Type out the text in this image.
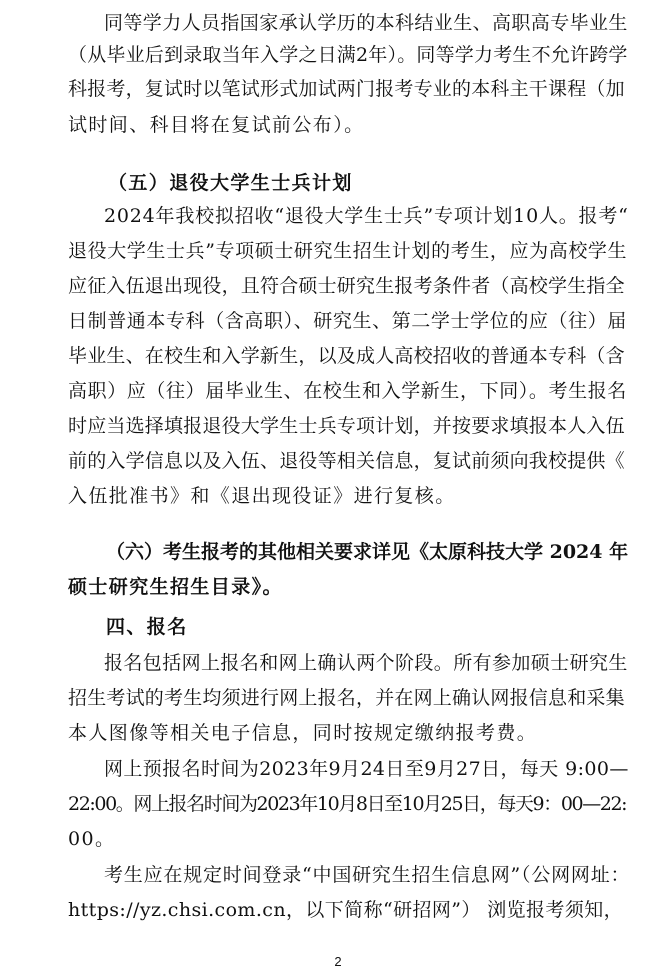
同等学力人员指国家承认学历的本科结业生、高职高专毕业生
（从毕业后到录取当年入学之日满2年）。同等学力考生不允许跨学
科报考，复试时以笔试形式加试两门报考专业的本科主干课程（加
试时间、科目将在复试前公布）。
（五）退役大学生士兵计划
2024年我校拟招收“退役大学生士兵”专项计划10人。报考“
退役大学生士兵”专项硕士研究生招生计划的考生，应为高校学生
应征入伍退出现役，且符合硕士研究生报考条件者（高校学生指全
日制普通本专科（含高职）、研究生、第二学士学位的应（往）届
毕业生、在校生和入学新生，以及成人高校招收的普通本专科（含
高职）应（往）届毕业生、在校生和入学新生，下同）。考生报名
时应当选择填报退役大学生士兵专项计划，并按要求填报本人入伍
前的入学信息以及入伍、退役等相关信息，复试前须向我校提供《
入伍批准书》和《退出现役证》进行复核。
（六）考生报考的其他相关要求详见《太原科技大学 2024 年
硕士研究生招生目录》。
四、报名
报名包括网上报名和网上确认两个阶段。所有参加硕士研究生
招生考试的考生均须进行网上报名，并在网上确认网报信息和采集
本人图像等相关电子信息，同时按规定缴纳报考费。
网上预报名时间为2023年9月24日至9月27日，每天 9:00—
22:00。网上报名时间为2023年10月8日至10月25日，每天9：00—22:
00。
考生应在规定时间登录“中国研究生招生信息网”（公网网址：
https://yz.chsi.com.cn，以下简称“研招网”） 浏览报考须知，
2
